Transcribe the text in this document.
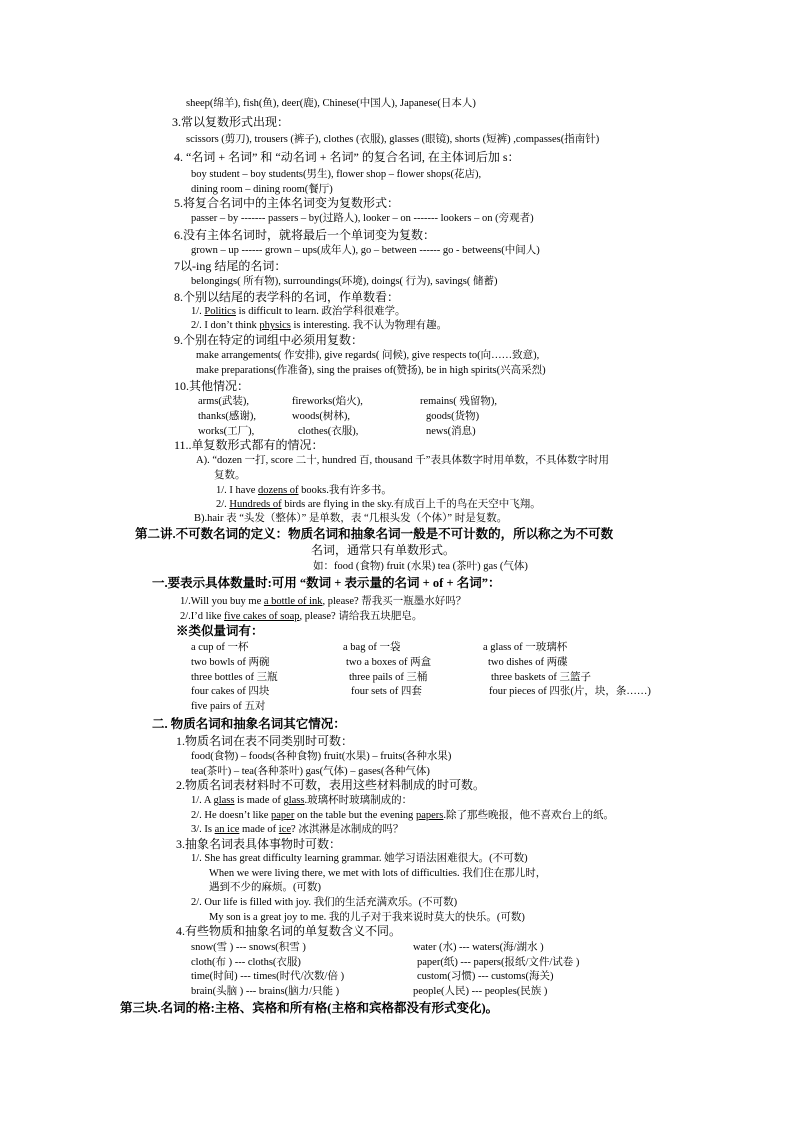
sheep(绵羊), fish(鱼), deer(鹿), Chinese(中国人), Japanese(日本人)
3.常以复数形式出现：
scissors (剪刀), trousers (裤子), clothes (衣服), glasses (眼镜), shorts (短裤) ,compasses(指南针)
4. “名词 + 名词” 和 “动名词 + 名词” 的复合名词, 在主体词后加 s：
boy student – boy students(男生), flower shop – flower shops(花店),
dining room – dining room(餐厅)
5.将复合名词中的主体名词变为复数形式：
passer – by ------- passers – by(过路人), looker – on ------- lookers – on (旁观者)
6.没有主体名词时，就将最后一个单词变为复数：
grown – up ------ grown – ups(成年人), go – between ------ go - betweens(中间人)
7以-ing 结尾的名词：
belongings( 所有物), surroundings(环境), doings( 行为), savings( 储蓄)
8.个别以结尾的表学科的名词，作单数看：
1/. Politics is difficult to learn. 政治学科很难学。
2/. I don’t think physics is interesting. 我不认为物理有趣。
9.个别在特定的词组中必须用复数：
make arrangements( 作安排), give regards( 问候), give respects to(向……致意),
make preparations(作准备), sing the praises of(赞扬), be in high spirits(兴高采烈)
10.其他情况：
arms(武装),	fireworks(焰火),	remains( 残留物),
thanks(感谢),	woods(树林),	goods(货物)
works(工厂),	clothes(衣服),	news(消息)
11..单复数形式都有的情况：
A). “dozen 一打, score 二十, hundred 百, thousand 千”表具体数字时用单数，不具体数字时用
复数。
1/. I have dozens of books.我有许多书。
2/. Hundreds of birds are flying in the sky.有成百上千的鸟在天空中飞翔。
B).hair 表 “头发（整体）” 是单数，表 “几根头发（个体）” 时是复数。
第二讲.不可数名词的定义：物质名词和抽象名词一般是不可计数的，所以称之为不可数
名词，通常只有单数形式。
如：food (食物) fruit (水果) tea (茶叶) gas (气体)
一.要表示具体数量时:可用 “数词 + 表示量的名词 + of + 名词”：
1/.Will you buy me a bottle of ink, please? 帮我买一瓶墨水好吗？
2/.I’d like five cakes of soap, please? 请给我五块肥皂。
※类似量词有：
a cup of 一杯	a bag of 一袋	a glass of 一玻璃杯
two bowls of 两碗	two a boxes of 两盒	two dishes of 两碟
three bottles of 三瓶	three pails of 三桶	three baskets of 三篮子
four cakes of 四块	four sets of 四套	four pieces of 四张(片，块，条……)
five pairs of 五对
二. 物质名词和抽象名词其它情况：
1.物质名词在表不同类别时可数：
food(食物) – foods(各种食物) fruit(水果) – fruits(各种水果)
tea(茶叶) – tea(各种茶叶) gas(气体) – gases(各种气体)
2.物质名词表材料时不可数，表用这些材料制成的时可数。
1/. A glass is made of glass.玻璃杯时玻璃制成的：
2/. He doesn’t like paper on the table but the evening papers.除了那些晚报，他不喜欢台上的纸。
3/. Is an ice made of ice? 冰淇淋是冰制成的吗？
3.抽象名词表具体事物时可数：
1/. She has great difficulty learning grammar. 她学习语法困难很大。(不可数)
When we were living there, we met with lots of difficulties. 我们住在那儿时，
遇到不少的麻烦。(可数)
2/. Our life is filled with joy. 我们的生活充满欢乐。(不可数)
My son is a great joy to me. 我的儿子对于我来说时莫大的快乐。(可数)
4.有些物质和抽象名词的单复数含义不同。
snow(雪 ) --- snows(积雪 )	water (水) --- waters(海/湖水 )
cloth(布 ) --- cloths(衣服)	paper(纸) --- papers(报纸/文件/试卷 )
time(时间) --- times(时代/次数/倍 )	custom(习惯) --- customs(海关)
brain(头脑 ) --- brains(脑力/只能 )	people(人民) --- peoples(民族 )
第三块.名词的格:主格、宾格和所有格(主格和宾格都没有形式变化)。
